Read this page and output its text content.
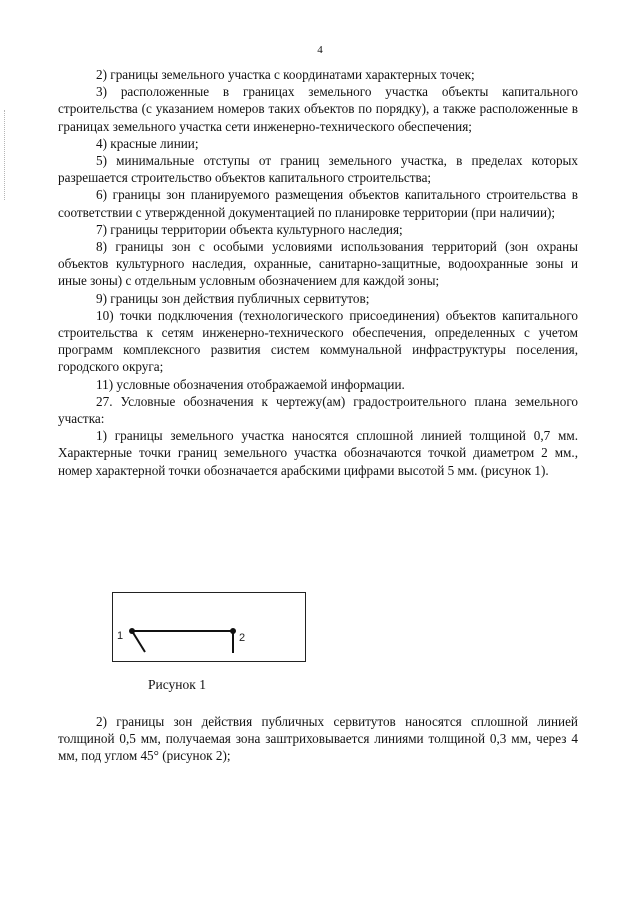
4

2) границы земельного участка с координатами характерных точек;

3) расположенные в границах земельного участка объекты капитального строительства (с указанием номеров таких объектов по порядку), а также расположенные в границах земельного участка сети инженерно-технического обеспечения;

4) красные линии;

5) минимальные отступы от границ земельного участка, в пределах которых разрешается строительство объектов капитального строительства;

6) границы зон планируемого размещения объектов капитального строительства в соответствии с утвержденной документацией по планировке территории (при наличии);

7) границы территории объекта культурного наследия;

8) границы зон с особыми условиями использования территорий (зон охраны объектов культурного наследия, охранные, санитарно-защитные, водоохранные зоны и иные зоны) с отдельным условным обозначением для каждой зоны;

9) границы зон действия публичных сервитутов;

10) точки подключения (технологического присоединения) объектов капитального строительства к сетям инженерно-технического обеспечения, определенных с учетом программ комплексного развития систем коммунальной инфраструктуры поселения, городского округа;

11) условные обозначения отображаемой информации.

27. Условные обозначения к чертежу(ам) градостроительного плана земельного участка:

1) границы земельного участка наносятся сплошной линией толщиной 0,7 мм. Характерные точки границ земельного участка обозначаются точкой диаметром 2 мм., номер характерной точки обозначается арабскими цифрами высотой 5 мм. (рисунок 1).

1	2
Рисунок 1

2) границы зон действия публичных сервитутов наносятся сплошной линией толщиной 0,5 мм, получаемая зона заштриховывается линиями толщиной 0,3 мм, через 4 мм, под углом 45° (рисунок 2);
